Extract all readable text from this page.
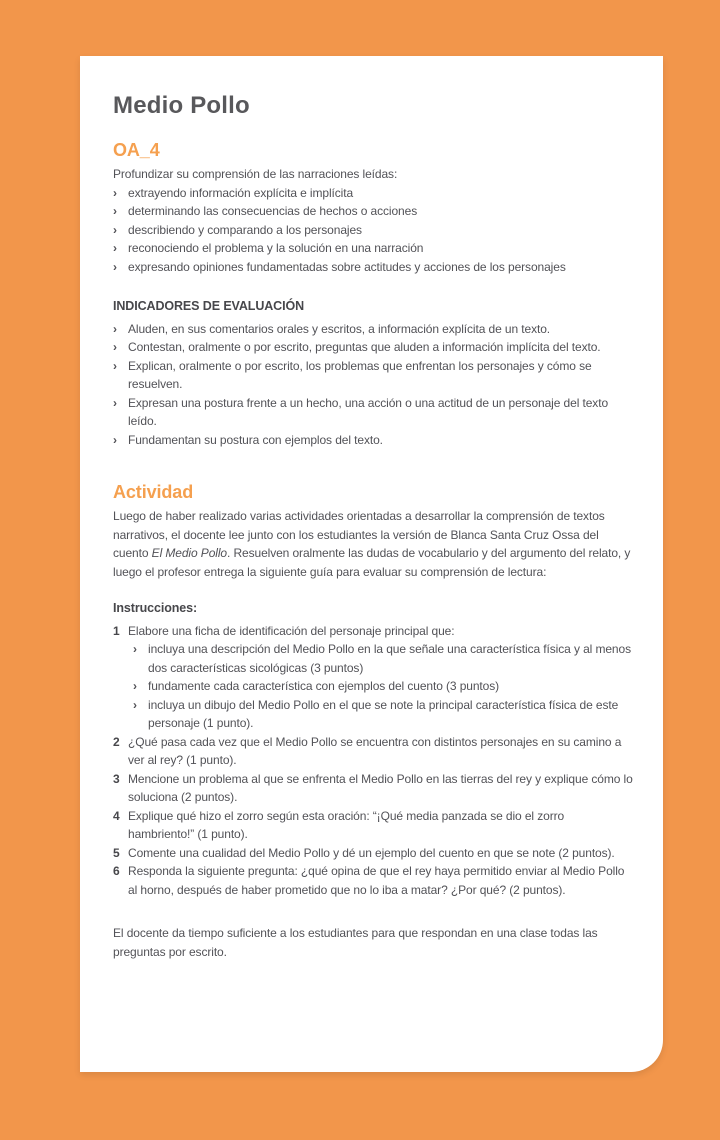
Medio Pollo
OA_4

Profundizar su comprensión de las narraciones leídas:

› extrayendo información explícita e implícita
› determinando las consecuencias de hechos o acciones
› describiendo y comparando a los personajes
› reconociendo el problema y la solución en una narración
› expresando opiniones fundamentadas sobre actitudes y acciones de los personajes
INDICADORES DE EVALUACIÓN
› Aluden, en sus comentarios orales y escritos, a información explícita de un texto.
› Contestan, oralmente o por escrito, preguntas que aluden a información implícita del texto.
› Explican, oralmente o por escrito, los problemas que enfrentan los personajes y cómo se resuelven.
› Expresan una postura frente a un hecho, una acción o una actitud de un personaje del texto leído.
› Fundamentan su postura con ejemplos del texto.
Actividad

Luego de haber realizado varias actividades orientadas a desarrollar la comprensión de textos narrativos, el docente lee junto con los estudiantes la versión de Blanca Santa Cruz Ossa del cuento El Medio Pollo. Resuelven oralmente las dudas de vocabulario y del argumento del relato, y luego el profesor entrega la siguiente guía para evaluar su comprensión de lectura:

Instrucciones:

1 Elabore una ficha de identificación del personaje principal que:
› incluya una descripción del Medio Pollo en la que señale una característica física y al menos dos características sicológicas (3 puntos)
› fundamente cada característica con ejemplos del cuento (3 puntos)
› incluya un dibujo del Medio Pollo en el que se note la principal característica física de este personaje (1 punto).
2 ¿Qué pasa cada vez que el Medio Pollo se encuentra con distintos personajes en su camino a ver al rey? (1 punto).
3 Mencione un problema al que se enfrenta el Medio Pollo en las tierras del rey y explique cómo lo soluciona (2 puntos).
4 Explique qué hizo el zorro según esta oración: “¡Qué media panzada se dio el zorro hambriento!” (1 punto).
5 Comente una cualidad del Medio Pollo y dé un ejemplo del cuento en que se note (2 puntos).
6 Responda la siguiente pregunta: ¿qué opina de que el rey haya permitido enviar al Medio Pollo al horno, después de haber prometido que no lo iba a matar? ¿Por qué? (2 puntos).

El docente da tiempo suficiente a los estudiantes para que respondan en una clase todas las preguntas por escrito.
